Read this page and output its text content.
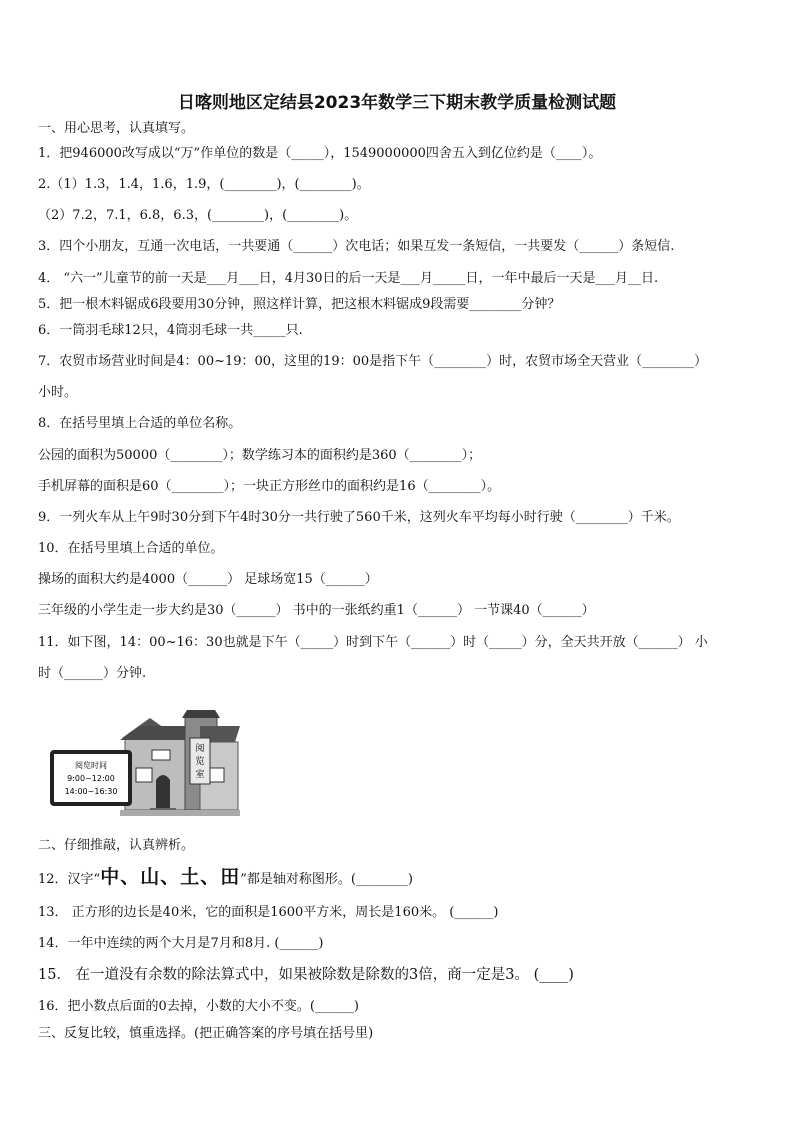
日喀则地区定结县2023年数学三下期末教学质量检测试题
一、用心思考，认真填写。
1．把946000改写成以“万”作单位的数是（_____），1549000000四舍五入到亿位约是（____）。
2.（1）1.3，1.4，1.6，1.9，(________)，(________)。
（2）7.2，7.1，6.8，6.3，(________)，(________)。
3．四个小朋友，互通一次电话，一共要通（______）次电话；如果互发一条短信，一共要发（______）条短信.
4． “六一”儿童节的前一天是___月___日，4月30日的后一天是___月_____日，一年中最后一天是___月__日.
5．把一根木料锯成6段要用30分钟，照这样计算，把这根木料锯成9段需要________分钟？
6．一筒羽毛球12只，4筒羽毛球一共_____只.
7．农贸市场营业时间是4：00~19：00，这里的19：00是指下午（________）时，农贸市场全天营业（________）
小时。
8．在括号里填上合适的单位名称。
公园的面积为50000（________）；数学练习本的面积约是360（________）；
手机屏幕的面积是60（________）；一块正方形丝巾的面积约是16（________）。
9．一列火车从上午9时30分到下午4时30分一共行驶了560千米，这列火车平均每小时行驶（________）千米。
10．在括号里填上合适的单位。
操场的面积大约是4000（______） 足球场宽15（______）
三年级的小学生走一步大约是30（______） 书中的一张纸约重1（______） 一节课40（______）
11．如下图，14：00~16：30也就是下午（_____）时到下午（______）时（_____）分，全天共开放（______） 小
时（______）分钟.
阅
览
室
阅览时间
9:00~12:00
14:00~16:30
二、仔细推敲，认真辨析。
12．汉字“中、山、土、田”都是轴对称图形。(________)
13． 正方形的边长是40米，它的面积是1600平方米，周长是160米。 (______)
14．一年中连续的两个大月是7月和8月. (______)
15． 在一道没有余数的除法算式中，如果被除数是除数的3倍，商一定是3。 (____)
16．把小数点后面的0去掉，小数的大小不变。(______)
三、反复比较，慎重选择。(把正确答案的序号填在括号里)
